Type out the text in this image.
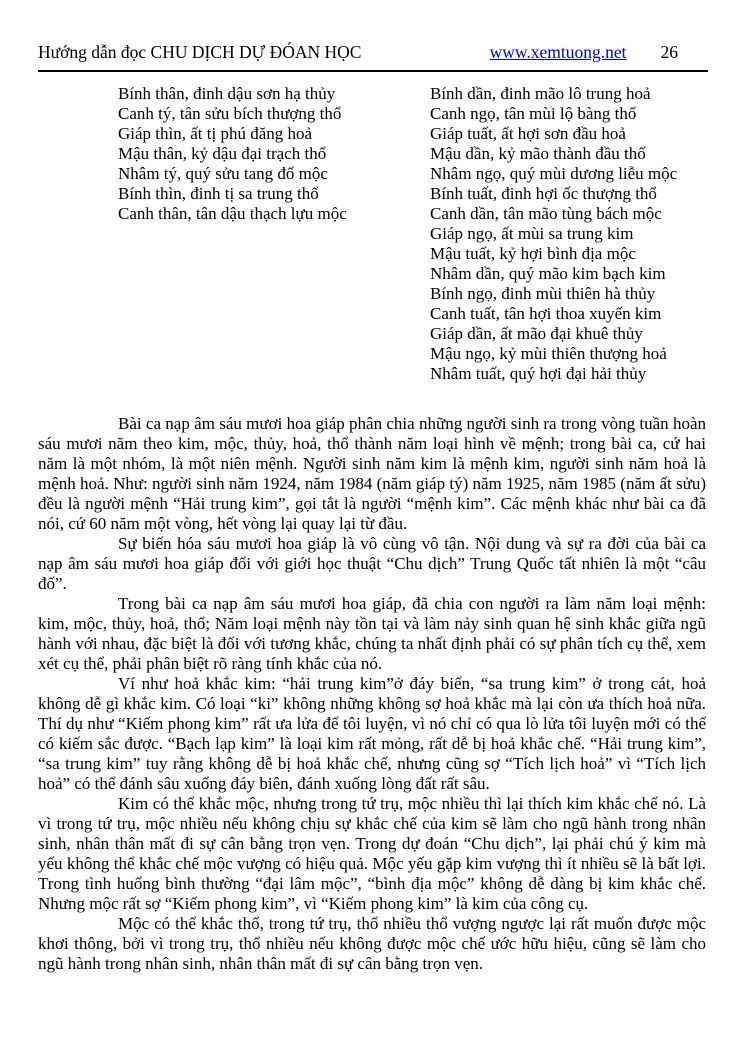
Hướng dẫn đọc CHU DỊCH DỰ ĐÓAN HỌC	www.xemtuong.net 26
Bính thân, đinh dậu sơn hạ thủy
Canh tý, tân sửu bích thượng thổ
Giáp thìn, ất tị phú đăng hoả
Mậu thân, kỷ dậu đại trạch thổ
Nhâm tý, quý sửu tang đố mộc
Bính thìn, đinh tị sa trung thổ
Canh thân, tân dậu thạch lựu mộc
Bính dần, đinh mão lô trung hoả
Canh ngọ, tân mùi lộ bàng thổ
Giáp tuất, ất hợi sơn đầu hoả
Mậu dần, kỷ mão thành đầu thổ
Nhâm ngọ, quý mùi dương liễu mộc
Bính tuất, đinh hợi ốc thượng thổ
Canh dần, tân mão tùng bách mộc
Giáp ngọ, ất mùi sa trung kim
Mậu tuất, kỷ hợi bình địa mộc
Nhâm dần, quý mão kim bạch kim
Bính ngọ, đinh mùi thiên hà thủy
Canh tuất, tân hợi thoa xuyến kim
Giáp dần, ất mão đại khuê thủy
Mậu ngọ, kỷ mùi thiên thượng hoả
Nhâm tuất, quý hợi đại hải thủy

Bài ca nạp âm sáu mươi hoa giáp phân chia những người sinh ra trong vòng tuần hoàn sáu mươi năm theo kim, mộc, thủy, hoả, thổ thành năm loại hình về mệnh; trong bài ca, cứ hai năm là một nhóm, là một niên mệnh. Người sinh năm kim là mệnh kim, người sinh năm hoả là mệnh hoả. Như: người sinh năm 1924, năm 1984 (năm giáp tý) năm 1925, năm 1985 (năm ất sửu) đều là người mệnh “Hải trung kim”, gọi tắt là người “mệnh kim”. Các mệnh khác như bài ca đã nói, cứ 60 năm một vòng, hết vòng lại quay lại từ đầu.

Sự biến hóa sáu mươi hoa giáp là vô cùng vô tận. Nội dung và sự ra đời của bài ca nạp âm sáu mươi hoa giáp đối với giới học thuật “Chu dịch” Trung Quốc tất nhiên là một “câu đố”.

Trong bài ca nạp âm sáu mươi hoa giáp, đã chia con người ra làm năm loại mệnh: kim, mộc, thủy, hoả, thổ; Năm loại mệnh này tồn tại và làm nảy sinh quan hệ sinh khắc giữa ngũ hành với nhau, đặc biệt là đối với tương khắc, chúng ta nhất định phải có sự phân tích cụ thể, xem xét cụ thể, phải phân biệt rõ ràng tính khắc của nó.

Ví như hoả khắc kim: “hải trung kim”ở đáy biển, “sa trung kim” ở trong cát, hoả không dễ gì khắc kim. Có loại “ki” không những không sợ hoả khắc mà lại còn ưa thích hoả nữa. Thí dụ như “Kiếm phong kim” rất ưa lửa để tôi luyện, vì nó chỉ có qua lò lửa tôi luyện mới có thể có kiếm sắc được. “Bạch lạp kim” là loại kim rất mỏng, rất dễ bị hoả khắc chế. “Hải trung kim”, “sa trung kim” tuy rằng không dễ bị hoả khắc chế, nhưng cũng sợ “Tích lịch hoả” vì “Tích lịch hoả” có thể đánh sâu xuống đáy biên, đánh xuống lòng đất rất sâu.

Kim có thể khắc mộc, nhưng trong tứ trụ, mộc nhiều thì lại thích kim khắc chế nó. Là vì trong tứ trụ, mộc nhiều nếu không chịu sự khắc chế của kim sẽ làm cho ngũ hành trong nhân sinh, nhân thân mất đi sự cân bằng trọn vẹn. Trong dự đoán “Chu dịch”, lại phải chú ý kim mà yếu không thể khắc chế mộc vượng có hiệu quả. Mộc yếu gặp kim vượng thì ít nhiều sẽ là bất lợi. Trong tình huống bình thường “đại lâm mộc”, “bình địa mộc” không dễ dàng bị kim khắc chế. Nhưng mộc rất sợ “Kiếm phong kim”, vì “Kiếm phong kim” là kim của công cụ.

Mộc có thể khắc thổ, trong tứ trụ, thổ nhiều thổ vượng ngược lại rất muốn được mộc khơi thông, bởi vì trong trụ, thổ nhiều nếu không được mộc chế ước hữu hiệu, cũng sẽ làm cho ngũ hành trong nhân sinh, nhân thân mất đi sự cân bằng trọn vẹn.
